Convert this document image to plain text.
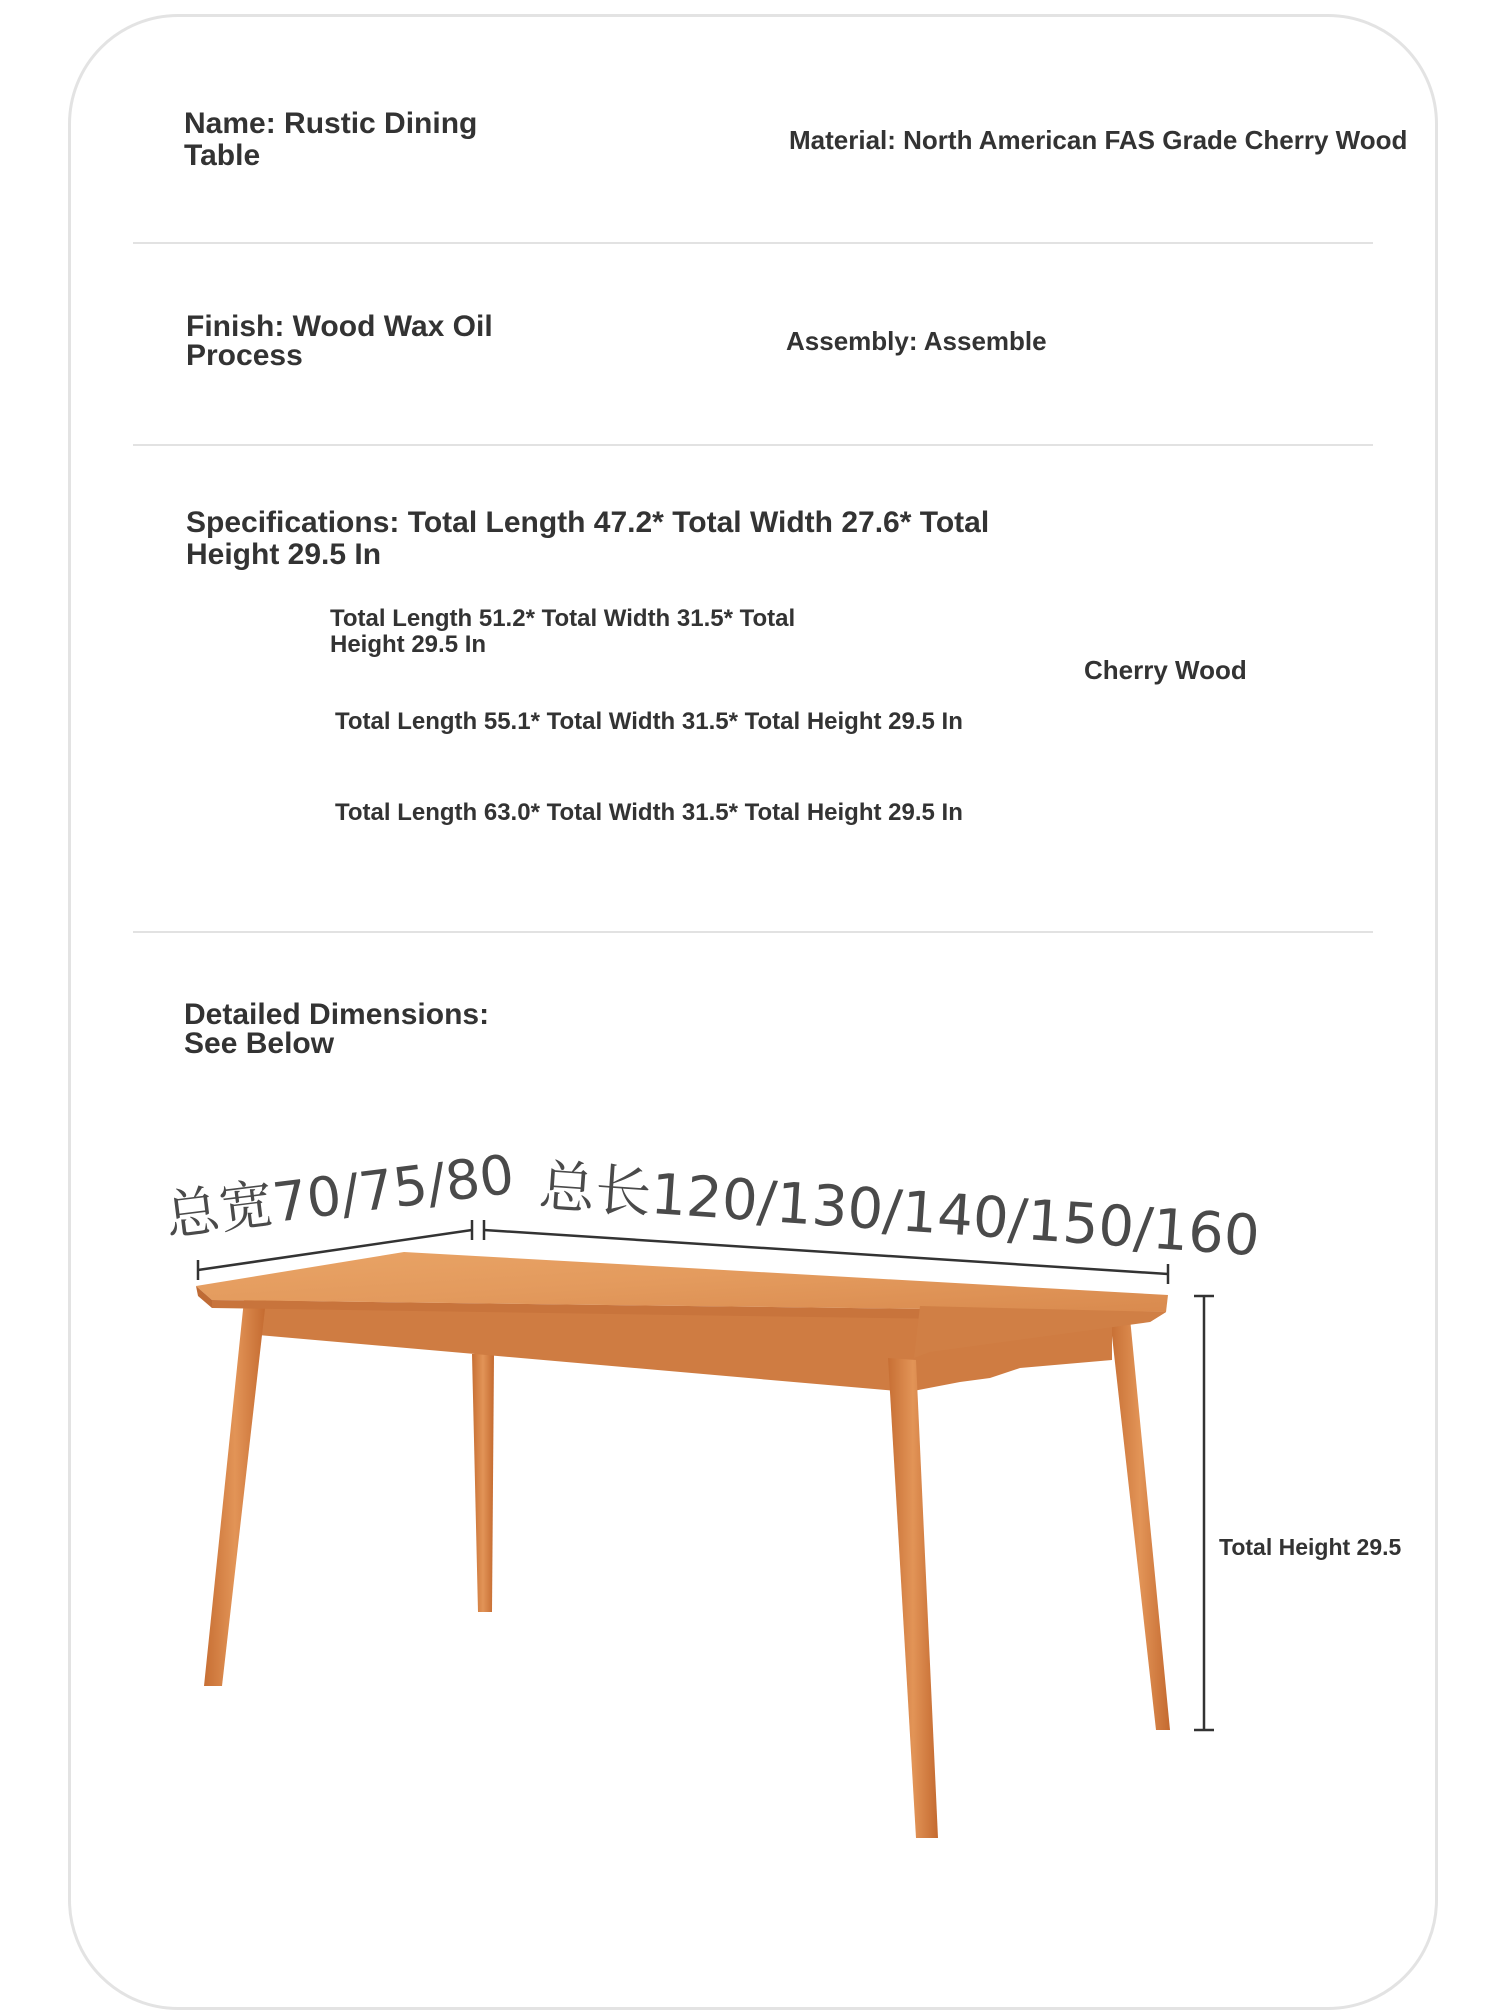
Name: Rustic Dining Table	Material: North American FAS Grade Cherry Wood
Finish: Wood Wax Oil Process	Assembly: Assemble
Specifications: Total Length 47.2* Total Width 27.6* Total Height 29.5 In
Total Length 51.2* Total Width 31.5* Total Height 29.5 In
Total Length 55.1* Total Width 31.5* Total Height 29.5 In
Total Length 63.0* Total Width 31.5* Total Height 29.5 In
Cherry Wood
Detailed Dimensions: See Below
总宽70/75/80 总长120/130/140/150/160
Total Height 29.5
